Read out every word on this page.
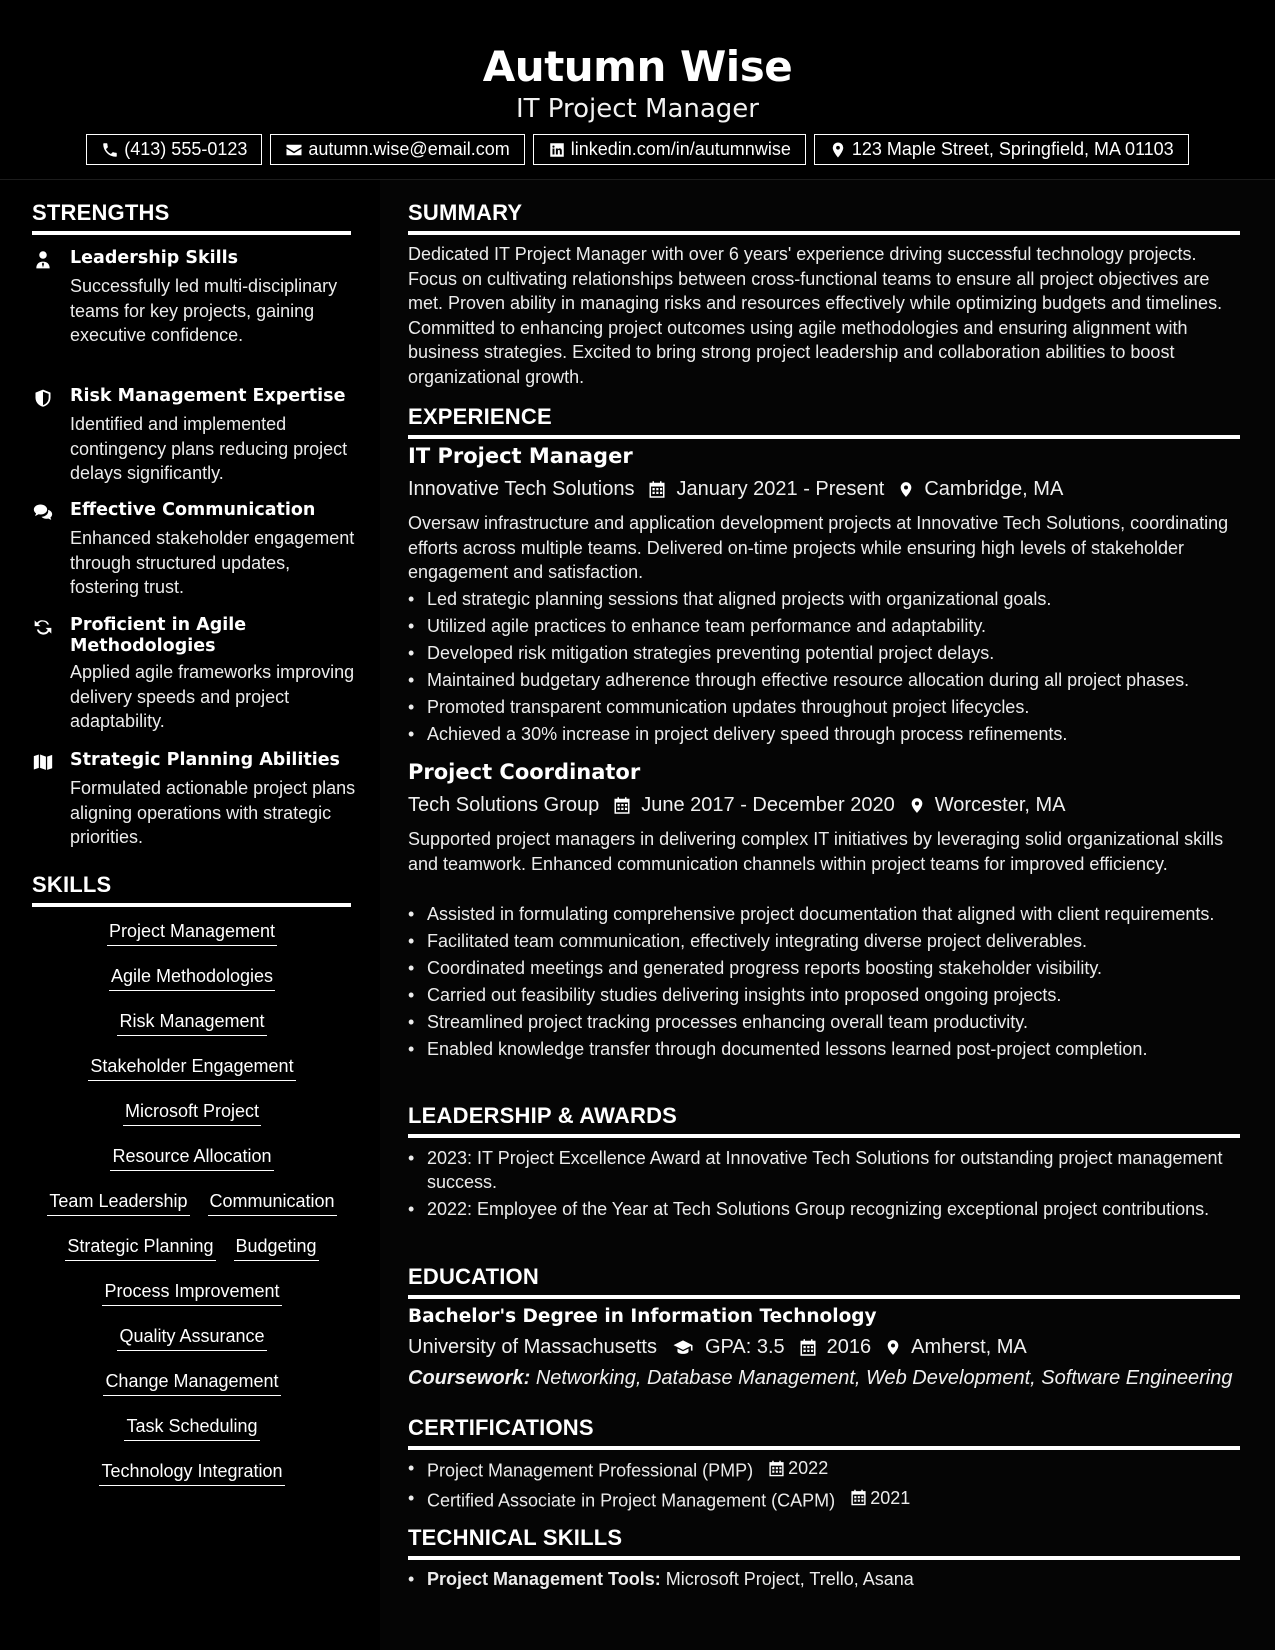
Autumn Wise
IT Project Manager
(413) 555-0123	autumn.wise@email.com	linkedin.com/in/autumnwise	123 Maple Street, Springfield, MA 01103
STRENGTHS
Leadership Skills
Successfully led multi-disciplinary teams for key projects, gaining executive confidence.
Risk Management Expertise
Identified and implemented contingency plans reducing project delays significantly.
Effective Communication
Enhanced stakeholder engagement through structured updates, fostering trust.
Proficient in Agile Methodologies
Applied agile frameworks improving delivery speeds and project adaptability.
Strategic Planning Abilities
Formulated actionable project plans aligning operations with strategic priorities.
SKILLS
Project Management
Agile Methodologies
Risk Management
Stakeholder Engagement
Microsoft Project
Resource Allocation
Team Leadership Communication
Strategic Planning Budgeting
Process Improvement
Quality Assurance
Change Management
Task Scheduling
Technology Integration
SUMMARY
Dedicated IT Project Manager with over 6 years' experience driving successful technology projects. Focus on cultivating relationships between cross-functional teams to ensure all project objectives are met. Proven ability in managing risks and resources effectively while optimizing budgets and timelines. Committed to enhancing project outcomes using agile methodologies and ensuring alignment with business strategies. Excited to bring strong project leadership and collaboration abilities to boost organizational growth.
EXPERIENCE
IT Project Manager
Innovative Tech Solutions January 2021 - Present Cambridge, MA
Oversaw infrastructure and application development projects at Innovative Tech Solutions, coordinating efforts across multiple teams. Delivered on-time projects while ensuring high levels of stakeholder engagement and satisfaction.
• Led strategic planning sessions that aligned projects with organizational goals.
• Utilized agile practices to enhance team performance and adaptability.
• Developed risk mitigation strategies preventing potential project delays.
• Maintained budgetary adherence through effective resource allocation during all project phases.
• Promoted transparent communication updates throughout project lifecycles.
• Achieved a 30% increase in project delivery speed through process refinements.
Project Coordinator
Tech Solutions Group June 2017 - December 2020 Worcester, MA
Supported project managers in delivering complex IT initiatives by leveraging solid organizational skills and teamwork. Enhanced communication channels within project teams for improved efficiency.
• Assisted in formulating comprehensive project documentation that aligned with client requirements.
• Facilitated team communication, effectively integrating diverse project deliverables.
• Coordinated meetings and generated progress reports boosting stakeholder visibility.
• Carried out feasibility studies delivering insights into proposed ongoing projects.
• Streamlined project tracking processes enhancing overall team productivity.
• Enabled knowledge transfer through documented lessons learned post-project completion.
LEADERSHIP & AWARDS
• 2023: IT Project Excellence Award at Innovative Tech Solutions for outstanding project management success.
• 2022: Employee of the Year at Tech Solutions Group recognizing exceptional project contributions.
EDUCATION
Bachelor's Degree in Information Technology
University of Massachusetts GPA: 3.5 2016 Amherst, MA
Coursework: Networking, Database Management, Web Development, Software Engineering
CERTIFICATIONS
• Project Management Professional (PMP) 2022
• Certified Associate in Project Management (CAPM) 2021
TECHNICAL SKILLS
• Project Management Tools: Microsoft Project, Trello, Asana
